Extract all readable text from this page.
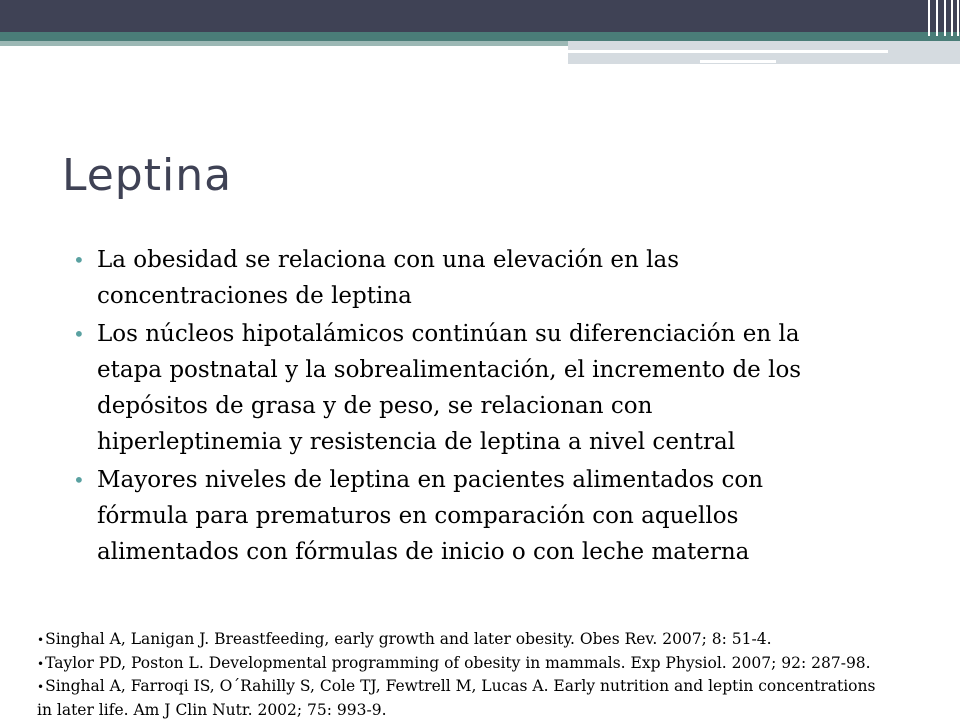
Leptina
• La obesidad se relaciona con una elevación en las
concentraciones de leptina
• Los núcleos hipotalámicos continúan su diferenciación en la
etapa postnatal y la sobrealimentación, el incremento de los
depósitos de grasa y de peso, se relacionan con
hiperleptinemia y resistencia de leptina a nivel central
• Mayores niveles de leptina en pacientes alimentados con
fórmula para prematuros en comparación con aquellos
alimentados con fórmulas de inicio o con leche materna
•Singhal A, Lanigan J. Breastfeeding, early growth and later obesity. Obes Rev. 2007; 8: 51-4.
•Taylor PD, Poston L. Developmental programming of obesity in mammals. Exp Physiol. 2007; 92: 287-98.
•Singhal A, Farroqi IS, O´Rahilly S, Cole TJ, Fewtrell M, Lucas A. Early nutrition and leptin concentrations
in later life. Am J Clin Nutr. 2002; 75: 993-9.
